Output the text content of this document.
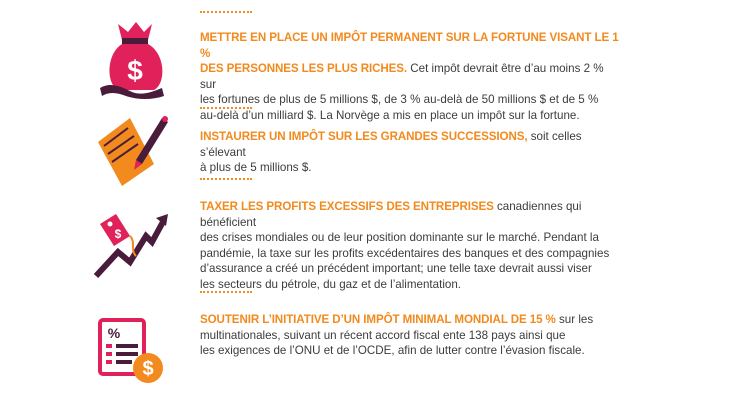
$
$
%
$

METTRE EN PLACE UN IMPÔT PERMANENT SUR LA FORTUNE VISANT LE 1 %

DES PERSONNES LES PLUS RICHES. Cet impôt devrait être d’au moins 2 % sur

les fortunes de plus de 5 millions $, de 3 % au-delà de 50 millions $ et de 5 %

au-delà d’un milliard $. La Norvège a mis en place un impôt sur la fortune.

INSTAURER UN IMPÔT SUR LES GRANDES SUCCESSIONS, soit celles s’élevant

à plus de 5 millions $.

TAXER LES PROFITS EXCESSIFS DES ENTREPRISES canadiennes qui bénéficient

des crises mondiales ou de leur position dominante sur le marché. Pendant la

pandémie, la taxe sur les profits excédentaires des banques et des compagnies

d’assurance a créé un précédent important; une telle taxe devrait aussi viser

les secteurs du pétrole, du gaz et de l’alimentation.

SOUTENIR L’INITIATIVE D’UN IMPÔT MINIMAL MONDIAL DE 15 % sur les

multinationales, suivant un récent accord fiscal ente 138 pays ainsi que

les exigences de l’ONU et de l’OCDE, afin de lutter contre l’évasion fiscale.
